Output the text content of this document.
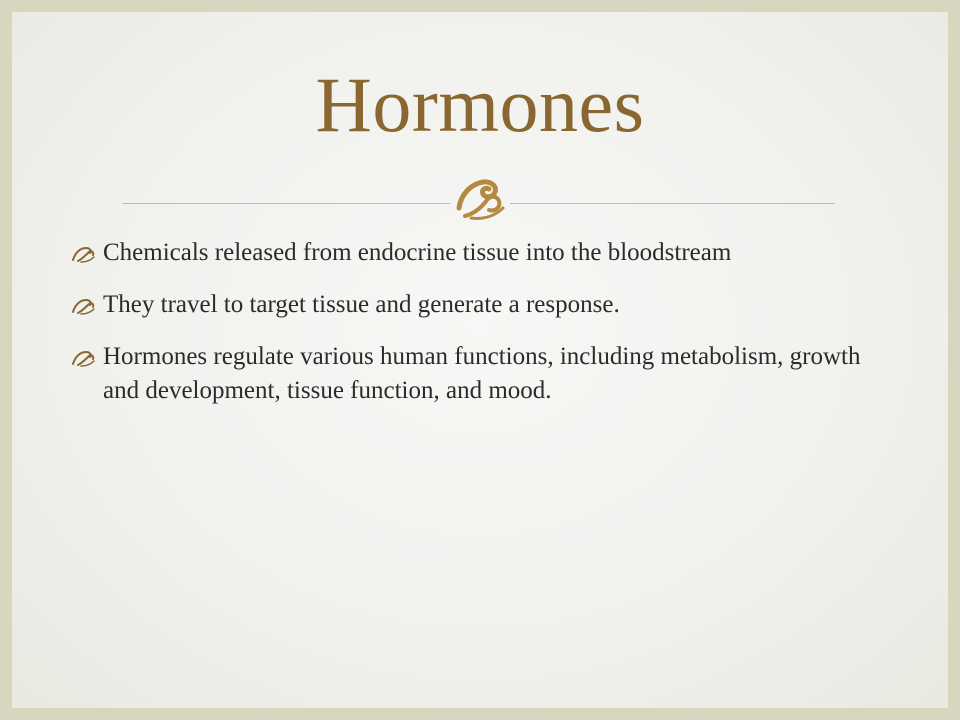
Hormones
Chemicals released from endocrine tissue into the bloodstream
They travel to target tissue and generate a response.
Hormones regulate various human functions, including metabolism, growth and development, tissue function, and mood.
